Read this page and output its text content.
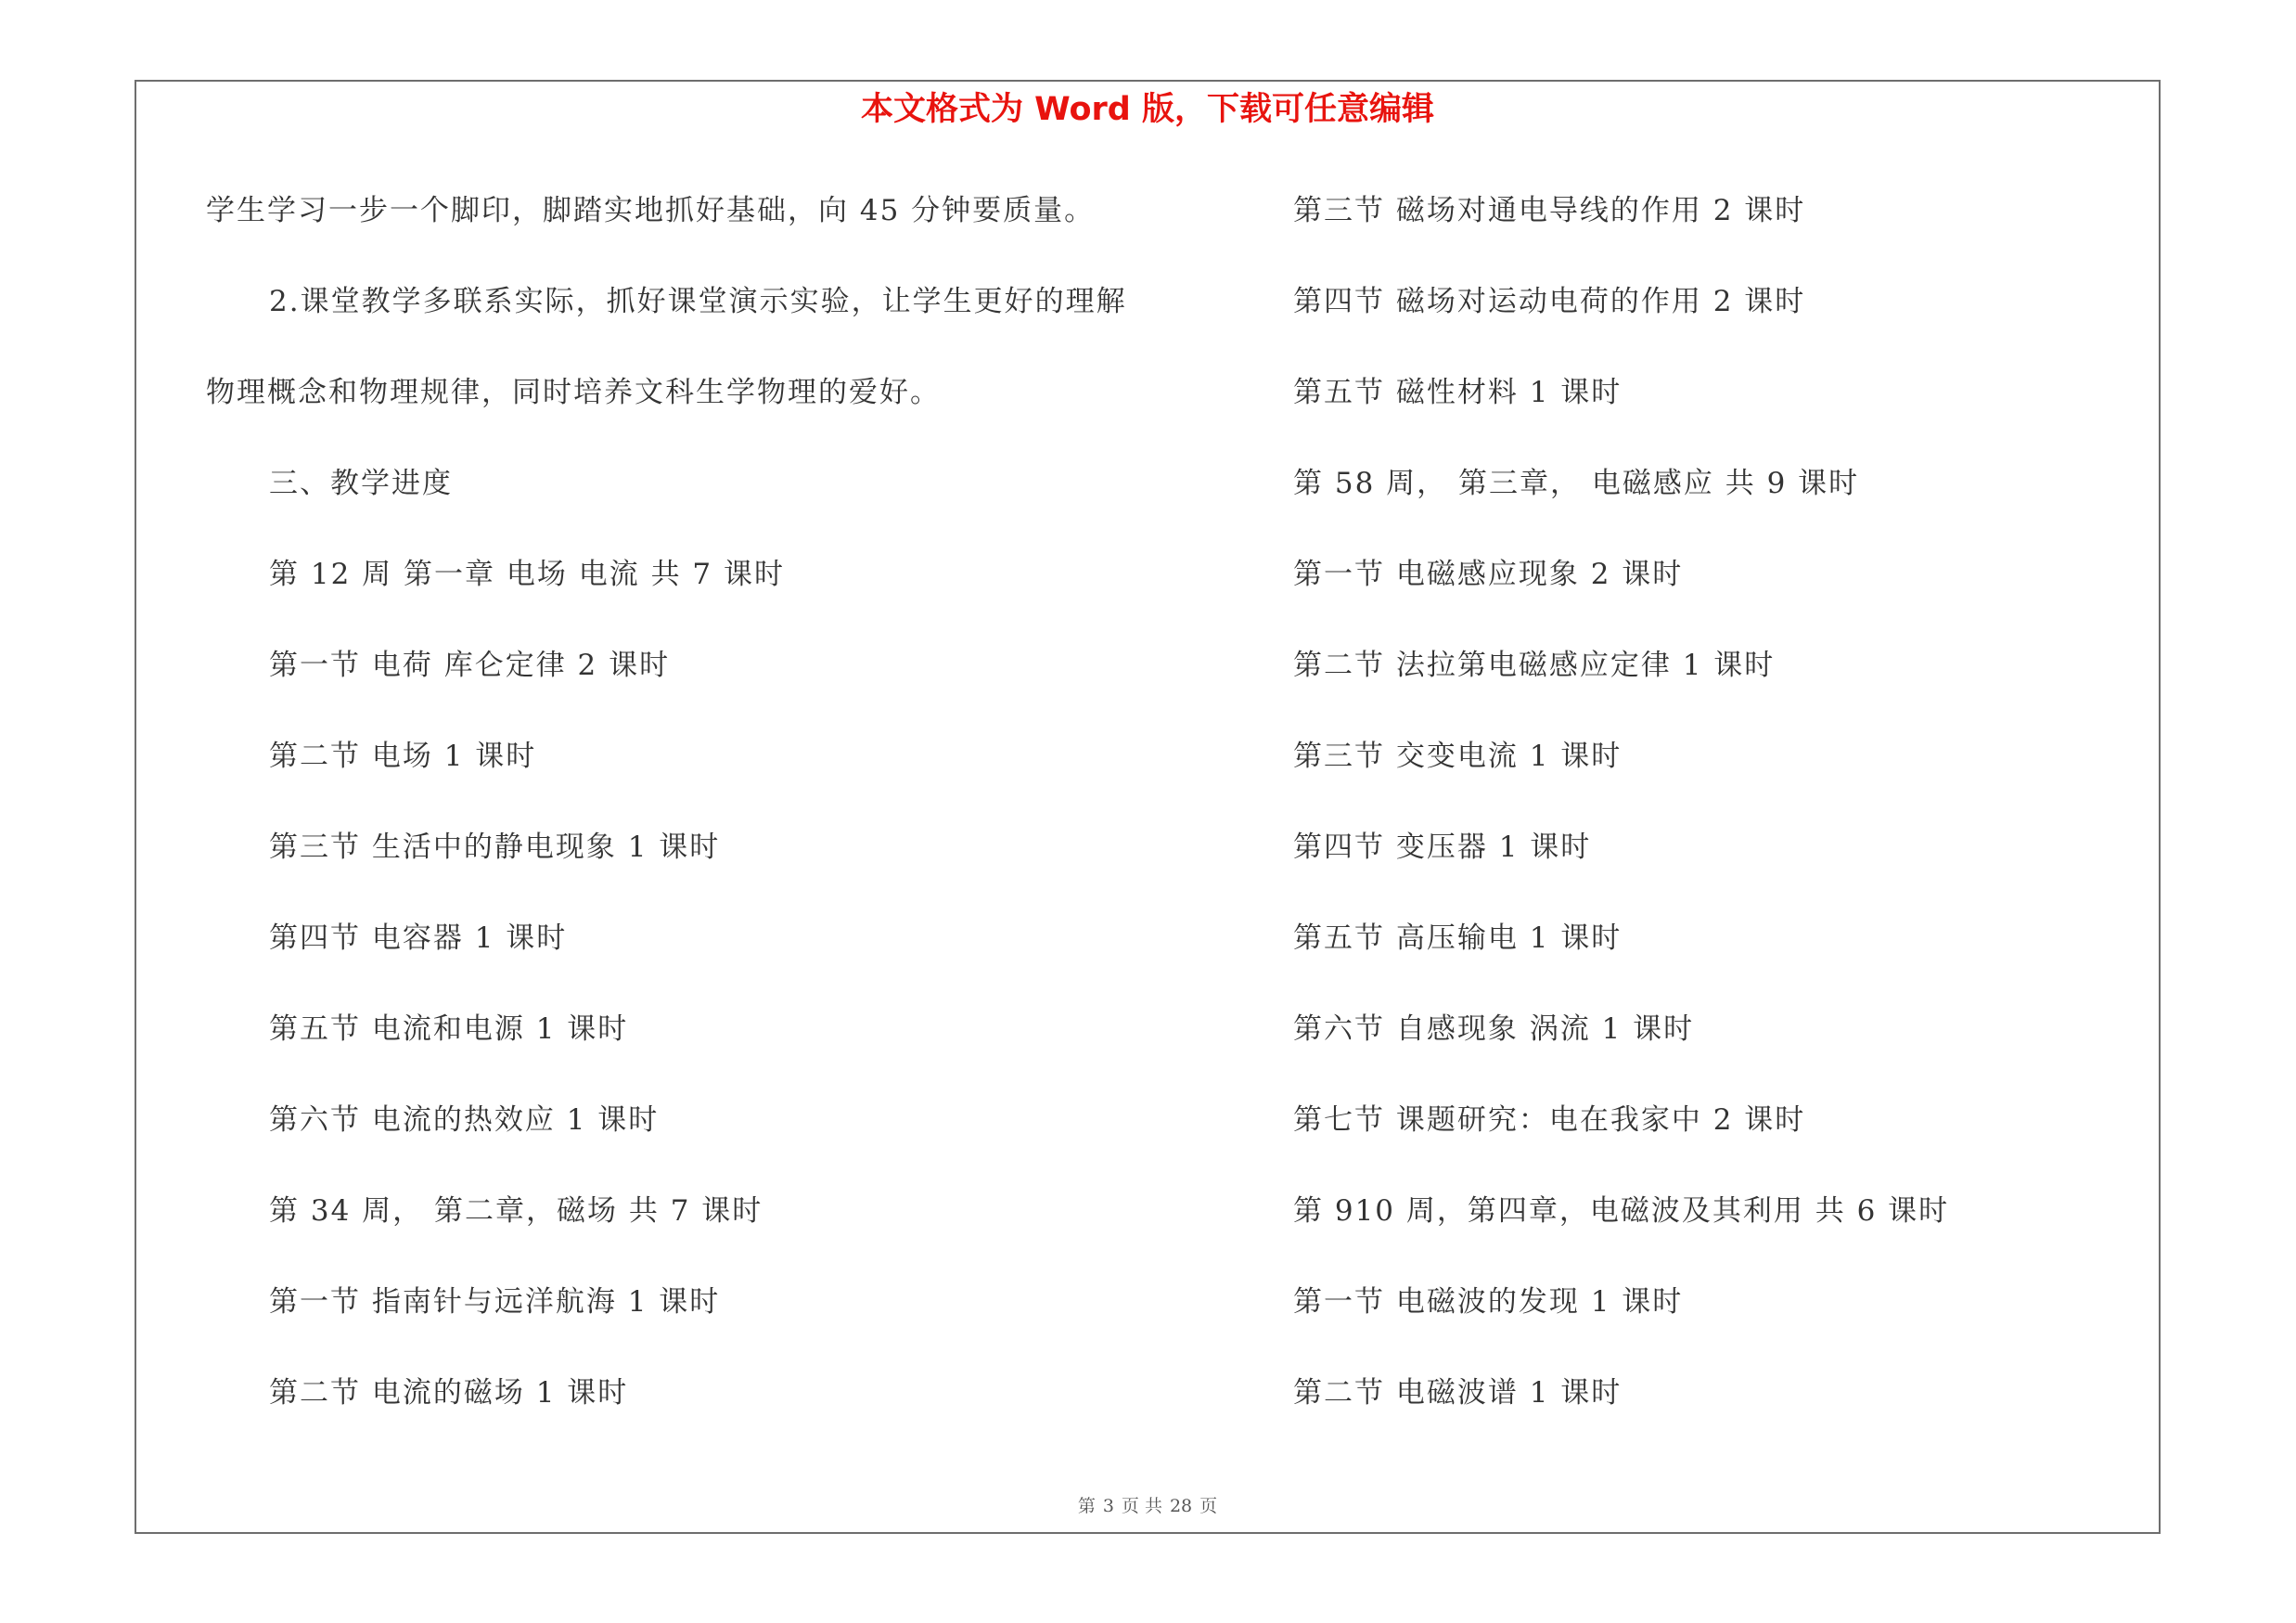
本文格式为 Word 版，下载可任意编辑
学生学习一步一个脚印，脚踏实地抓好基础，向 45 分钟要质量。
2.课堂教学多联系实际，抓好课堂演示实验，让学生更好的理解
物理概念和物理规律，同时培养文科生学物理的爱好。
三、教学进度
第 12 周 第一章 电场 电流 共 7 课时
第一节 电荷 库仑定律 2 课时
第二节 电场 1 课时
第三节 生活中的静电现象 1 课时
第四节 电容器 1 课时
第五节 电流和电源 1 课时
第六节 电流的热效应 1 课时
第 34 周， 第二章，磁场 共 7 课时
第一节 指南针与远洋航海 1 课时
第二节 电流的磁场 1 课时
第三节 磁场对通电导线的作用 2 课时
第四节 磁场对运动电荷的作用 2 课时
第五节 磁性材料 1 课时
第 58 周， 第三章， 电磁感应 共 9 课时
第一节 电磁感应现象 2 课时
第二节 法拉第电磁感应定律 1 课时
第三节 交变电流 1 课时
第四节 变压器 1 课时
第五节 高压输电 1 课时
第六节 自感现象 涡流 1 课时
第七节 课题研究：电在我家中 2 课时
第 910 周，第四章，电磁波及其利用 共 6 课时
第一节 电磁波的发现 1 课时
第二节 电磁波谱 1 课时
第 3 页 共 28 页
